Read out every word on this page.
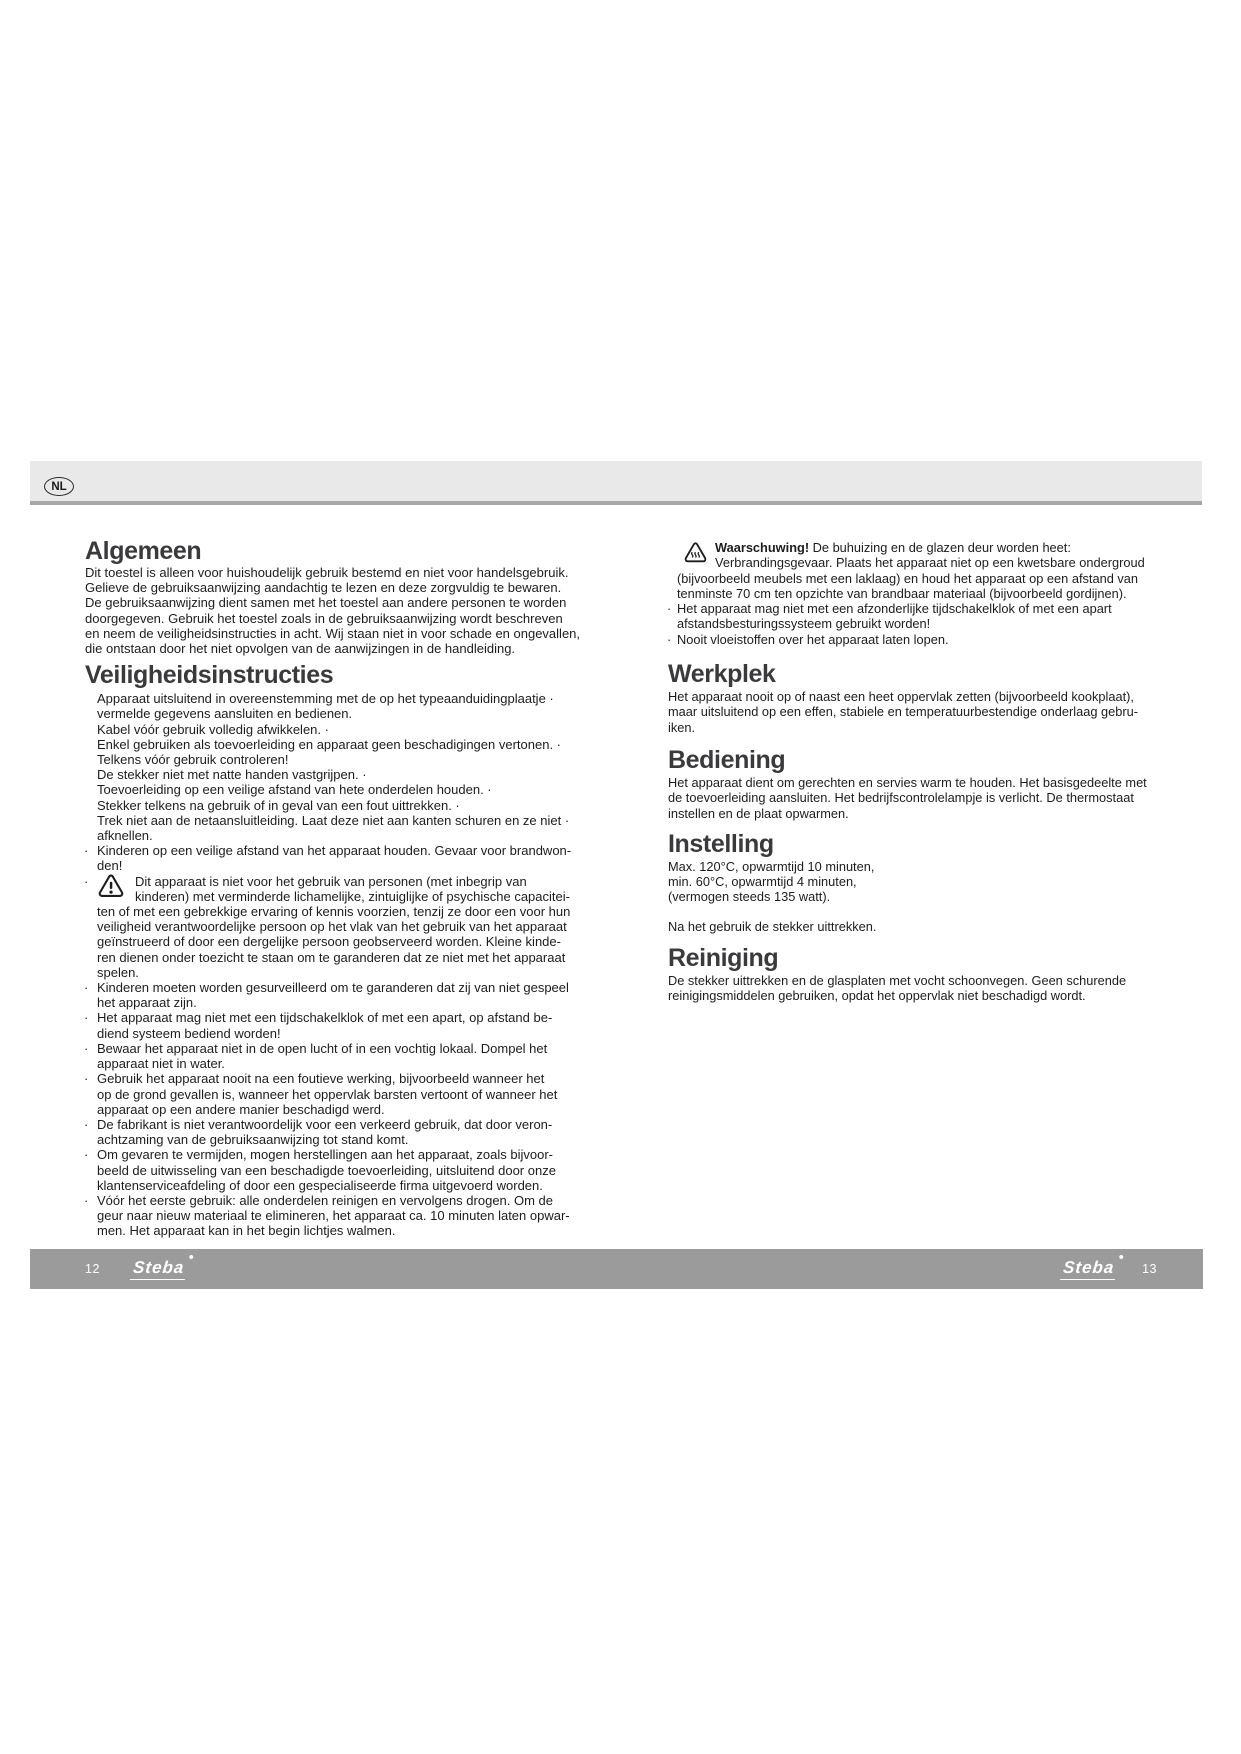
NL
Algemeen
Dit toestel is alleen voor huishoudelijk gebruik bestemd en niet voor handelsgebruik.
Gelieve de gebruiksaanwijzing aandachtig te lezen en deze zorgvuldig te bewaren.
De gebruiksaanwijzing dient samen met het toestel aan andere personen te worden
doorgegeven. Gebruik het toestel zoals in de gebruiksaanwijzing wordt beschreven
en neem de veiligheidsinstructies in acht. Wij staan niet in voor schade en ongevallen,
die ontstaan door het niet opvolgen van de aanwijzingen in de handleiding.
Veiligheidsinstructies
Apparaat uitsluitend in overeenstemming met de op het typeaanduidingplaatje ·
vermelde gegevens aansluiten en bedienen.
Kabel vóór gebruik volledig afwikkelen. ·
Enkel gebruiken als toevoerleiding en apparaat geen beschadigingen vertonen. ·
Telkens vóór gebruik controleren!
De stekker niet met natte handen vastgrijpen. ·
Toevoerleiding op een veilige afstand van hete onderdelen houden. ·
Stekker telkens na gebruik of in geval van een fout uittrekken. ·
Trek niet aan de netaansluitleiding. Laat deze niet aan kanten schuren en ze niet ·
afknellen.
· Kinderen op een veilige afstand van het apparaat houden. Gevaar voor brandwon-
den!
·	Dit apparaat is niet voor het gebruik van personen (met inbegrip van
kinderen) met verminderde lichamelijke, zintuiglijke of psychische capacitei-
ten of met een gebrekkige ervaring of kennis voorzien, tenzij ze door een voor hun
veiligheid verantwoordelijke persoon op het vlak van het gebruik van het apparaat
geïnstrueerd of door een dergelijke persoon geobserveerd worden. Kleine kinde-
ren dienen onder toezicht te staan om te garanderen dat ze niet met het apparaat
spelen.
· Kinderen moeten worden gesurveilleerd om te garanderen dat zij van niet gespeel
het apparaat zijn.
· Het apparaat mag niet met een tijdschakelklok of met een apart, op afstand be-
diend systeem bediend worden!
· Bewaar het apparaat niet in de open lucht of in een vochtig lokaal. Dompel het
apparaat niet in water.
· Gebruik het apparaat nooit na een foutieve werking, bijvoorbeeld wanneer het
op de grond gevallen is, wanneer het oppervlak barsten vertoont of wanneer het
apparaat op een andere manier beschadigd werd.
· De fabrikant is niet verantwoordelijk voor een verkeerd gebruik, dat door veron-
achtzaming van de gebruiksaanwijzing tot stand komt.
· Om gevaren te vermijden, mogen herstellingen aan het apparaat, zoals bijvoor-
beeld de uitwisseling van een beschadigde toevoerleiding, uitsluitend door onze
klantenserviceafdeling of door een gespecialiseerde firma uitgevoerd worden.
· Vóór het eerste gebruik: alle onderdelen reinigen en vervolgens drogen. Om de
geur naar nieuw materiaal te elimineren, het apparaat ca. 10 minuten laten opwar-
men. Het apparaat kan in het begin lichtjes walmen.
Waarschuwing! De buhuizing en de glazen deur worden heet:
Verbrandingsgevaar. Plaats het apparaat niet op een kwetsbare ondergroud
(bijvoorbeeld meubels met een laklaag) en houd het apparaat op een afstand van
tenminste 70 cm ten opzichte van brandbaar materiaal (bijvoorbeeld gordijnen).
· Het apparaat mag niet met een afzonderlijke tijdschakelklok of met een apart
afstandsbesturingssysteem gebruikt worden!
· Nooit vloeistoffen over het apparaat laten lopen.
Werkplek
Het apparaat nooit op of naast een heet oppervlak zetten (bijvoorbeeld kookplaat),
maar uitsluitend op een effen, stabiele en temperatuurbestendige onderlaag gebru-
iken.
Bediening
Het apparaat dient om gerechten en servies warm te houden. Het basisgedeelte met
de toevoerleiding aansluiten. Het bedrijfscontrolelampje is verlicht. De thermostaat
instellen en de plaat opwarmen.
Instelling
Max. 120°C, opwarmtijd 10 minuten,
min. 60°C, opwarmtijd 4 minuten,
(vermogen steeds 135 watt).
Na het gebruik de stekker uittrekken.
Reiniging
De stekker uittrekken en de glasplaten met vocht schoonvegen. Geen schurende
reinigingsmiddelen gebruiken, opdat het oppervlak niet beschadigd wordt.
12 Steba	Steba 13
